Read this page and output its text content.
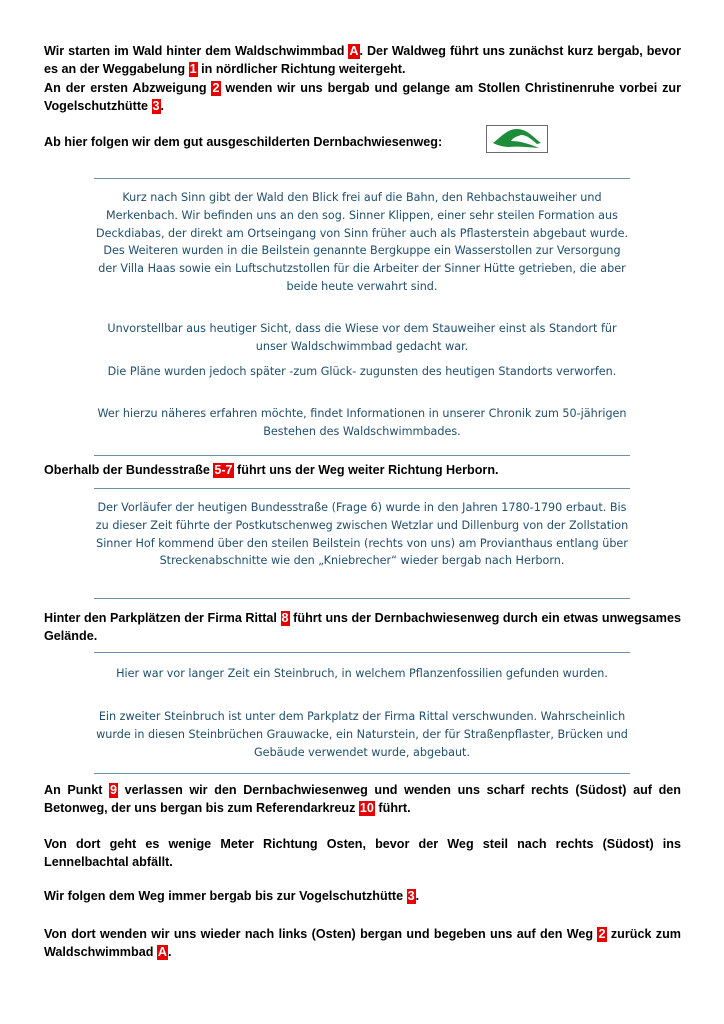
Wir starten im Wald hinter dem Waldschwimmbad A. Der Waldweg führt uns zunächst kurz bergab, bevor es an der Weggabelung 1 in nördlicher Richtung weitergeht.
An der ersten Abzweigung 2 wenden wir uns bergab und gelange am Stollen Christinenruhe vorbei zur Vogelschutzhütte 3.

Ab hier folgen wir dem gut ausgeschilderten Dernbachwiesenweg:

Kurz nach Sinn gibt der Wald den Blick frei auf die Bahn, den Rehbachstauweiher und Merkenbach. Wir befinden uns an den sog. Sinner Klippen, einer sehr steilen Formation aus Deckdiabas, der direkt am Ortseingang von Sinn früher auch als Pflasterstein abgebaut wurde. Des Weiteren wurden in die Beilstein genannte Bergkuppe ein Wasserstollen zur Versorgung der Villa Haas sowie ein Luftschutzstollen für die Arbeiter der Sinner Hütte getrieben, die aber beide heute verwahrt sind.

Unvorstellbar aus heutiger Sicht, dass die Wiese vor dem Stauweiher einst als Standort für unser Waldschwimmbad gedacht war.

Die Pläne wurden jedoch später -zum Glück- zugunsten des heutigen Standorts verworfen.

Wer hierzu näheres erfahren möchte, findet Informationen in unserer Chronik zum 50-jährigen Bestehen des Waldschwimmbades.

Oberhalb der Bundesstraße 5-7 führt uns der Weg weiter Richtung Herborn.

Der Vorläufer der heutigen Bundesstraße (Frage 6) wurde in den Jahren 1780-1790 erbaut. Bis zu dieser Zeit führte der Postkutschenweg zwischen Wetzlar und Dillenburg von der Zollstation Sinner Hof kommend über den steilen Beilstein (rechts von uns) am Provianthaus entlang über Streckenabschnitte wie den „Kniebrecher“ wieder bergab nach Herborn.

Hinter den Parkplätzen der Firma Rittal 8 führt uns der Dernbachwiesenweg durch ein etwas unwegsames Gelände.

Hier war vor langer Zeit ein Steinbruch, in welchem Pflanzenfossilien gefunden wurden.

Ein zweiter Steinbruch ist unter dem Parkplatz der Firma Rittal verschwunden. Wahrscheinlich wurde in diesen Steinbrüchen Grauwacke, ein Naturstein, der für Straßenpflaster, Brücken und Gebäude verwendet wurde, abgebaut.

An Punkt 9 verlassen wir den Dernbachwiesenweg und wenden uns scharf rechts (Südost) auf den Betonweg, der uns bergan bis zum Referendarkreuz 10 führt.

Von dort geht es wenige Meter Richtung Osten, bevor der Weg steil nach rechts (Südost) ins Lennelbachtal abfällt.

Wir folgen dem Weg immer bergab bis zur Vogelschutzhütte 3.

Von dort wenden wir uns wieder nach links (Osten) bergan und begeben uns auf den Weg 2 zurück zum Waldschwimmbad A.
